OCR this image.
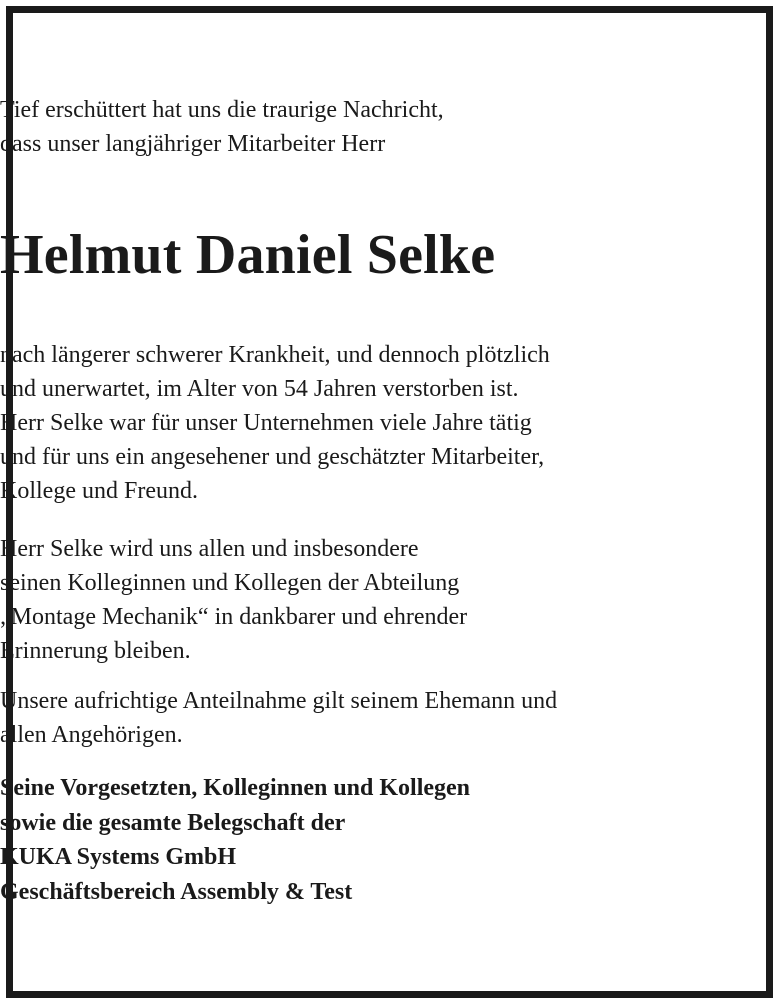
Tief erschüttert hat uns die traurige Nachricht,
dass unser langjähriger Mitarbeiter Herr
Helmut Daniel Selke
nach längerer schwerer Krankheit, und dennoch plötzlich
und unerwartet, im Alter von 54 Jahren verstorben ist.
Herr Selke war für unser Unternehmen viele Jahre tätig
und für uns ein angesehener und geschätzter Mitarbeiter,
Kollege und Freund.
Herr Selke wird uns allen und insbesondere
seinen Kolleginnen und Kollegen der Abteilung
„Montage Mechanik“ in dankbarer und ehrender
Erinnerung bleiben.
Unsere aufrichtige Anteilnahme gilt seinem Ehemann und
allen Angehörigen.
Seine Vorgesetzten, Kolleginnen und Kollegen
sowie die gesamte Belegschaft der
KUKA Systems GmbH
Geschäftsbereich Assembly & Test
